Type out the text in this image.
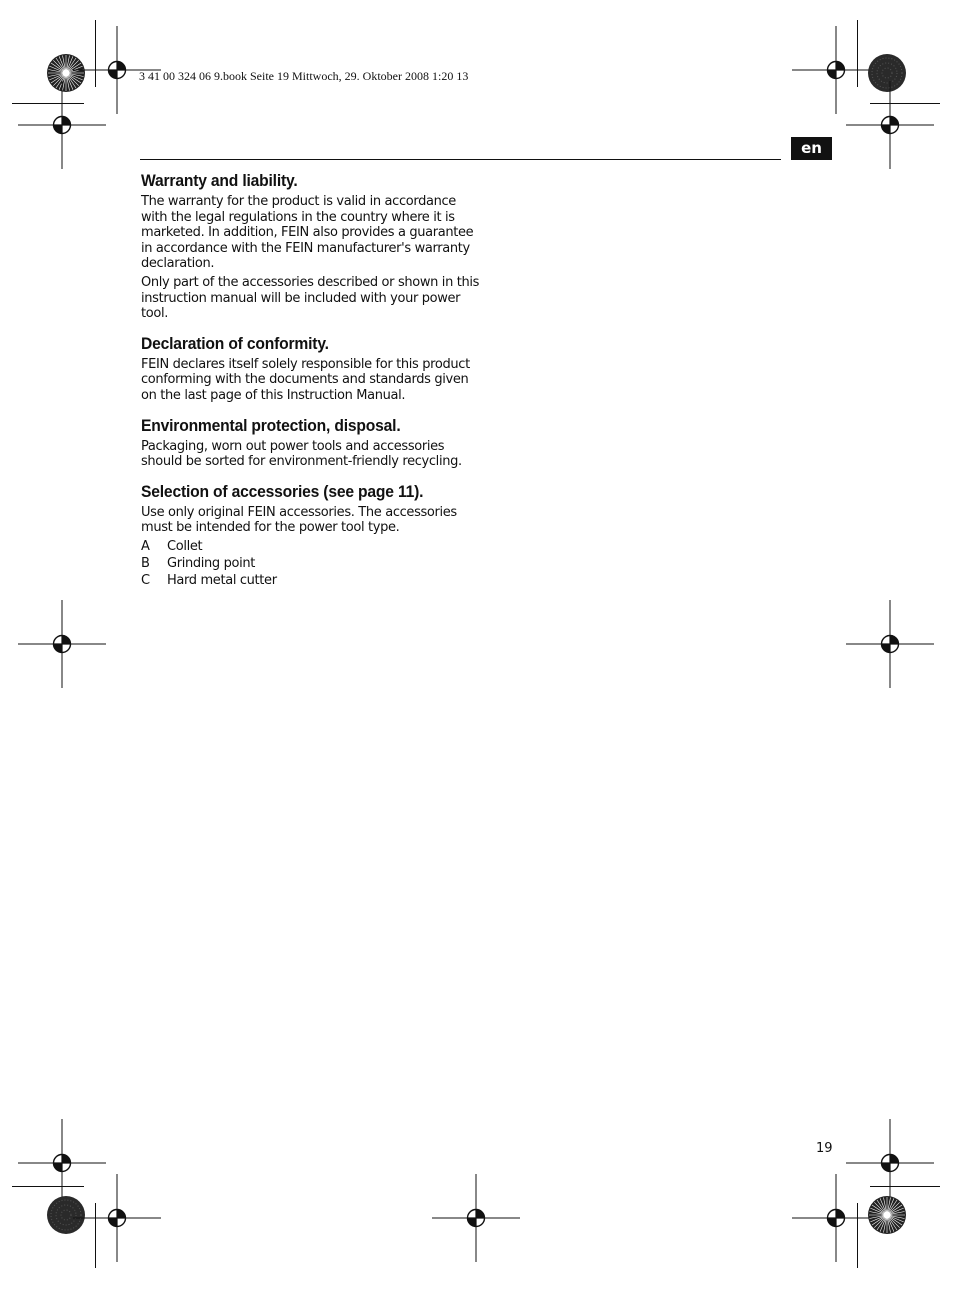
3 41 00 324 06 9.book Seite 19 Mittwoch, 29. Oktober 2008 1:20 13
en
Warranty and liability.

The warranty for the product is valid in accordance with the legal regulations in the country where it is marketed. In addition, FEIN also provides a guarantee in accordance with the FEIN manufacturer's warranty declaration.

Only part of the accessories described or shown in this instruction manual will be included with your power tool.

Declaration of conformity.

FEIN declares itself solely responsible for this product conforming with the documents and standards given on the last page of this Instruction Manual.

Environmental protection, disposal.

Packaging, worn out power tools and accessories should be sorted for environment-friendly recycling.

Selection of accessories (see page 11).

Use only original FEIN accessories. The accessories must be intended for the power tool type.

A	Collet
B	Grinding point
C	Hard metal cutter
19
